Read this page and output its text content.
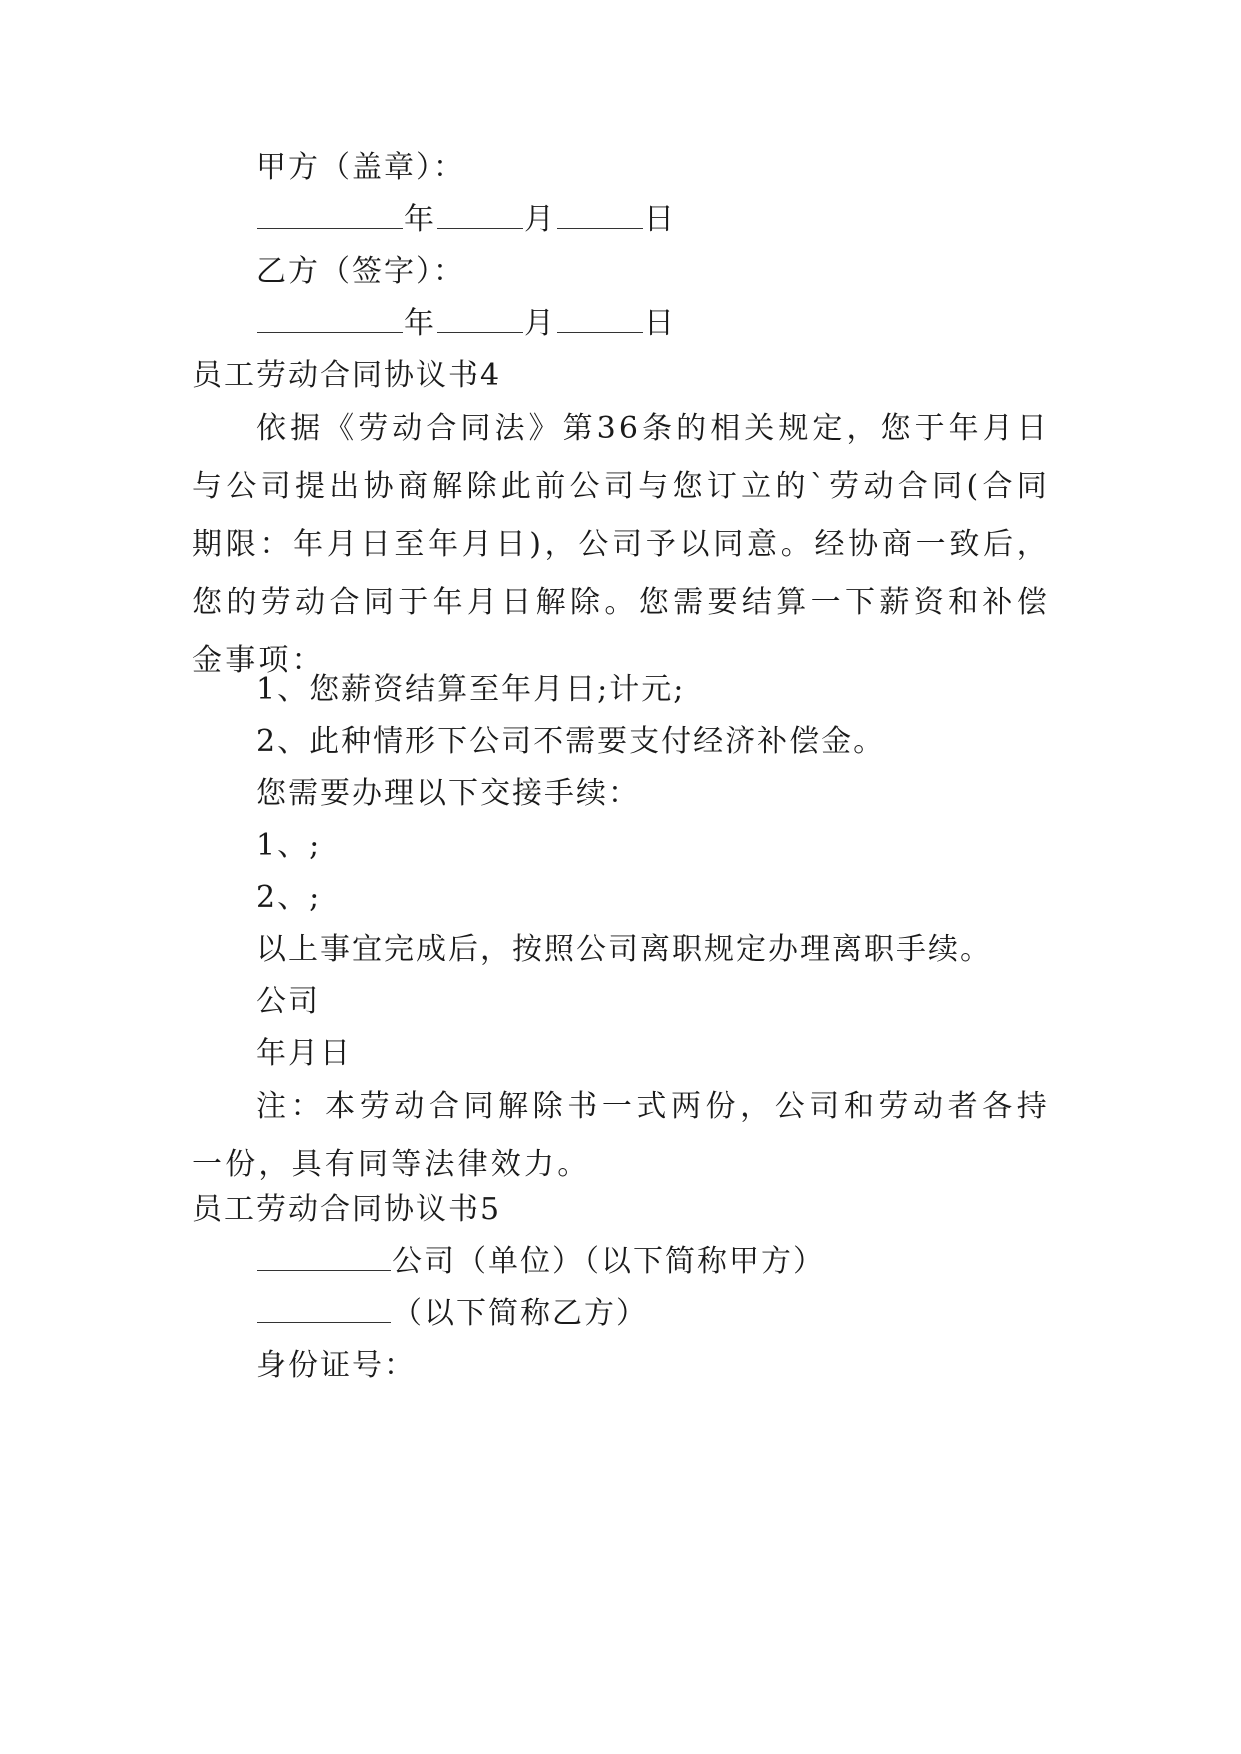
甲方（盖章）：
年	月	日
乙方（签字）：
年	月	日
员工劳动合同协议书4
依据《劳动合同法》第36条的相关规定，您于年月日与公司提出协商解除此前公司与您订立的`劳动合同(合同期限：年月日至年月日)，公司予以同意。经协商一致后，您的劳动合同于年月日解除。您需要结算一下薪资和补偿金事项：
1、您薪资结算至年月日;计元;
2、此种情形下公司不需要支付经济补偿金。
您需要办理以下交接手续：
1、;
2、;
以上事宜完成后，按照公司离职规定办理离职手续。
公司
年月日
注：本劳动合同解除书一式两份，公司和劳动者各持一份，具有同等法律效力。
员工劳动合同协议书5
公司（单位）（以下简称甲方）
（以下简称乙方）
身份证号：
